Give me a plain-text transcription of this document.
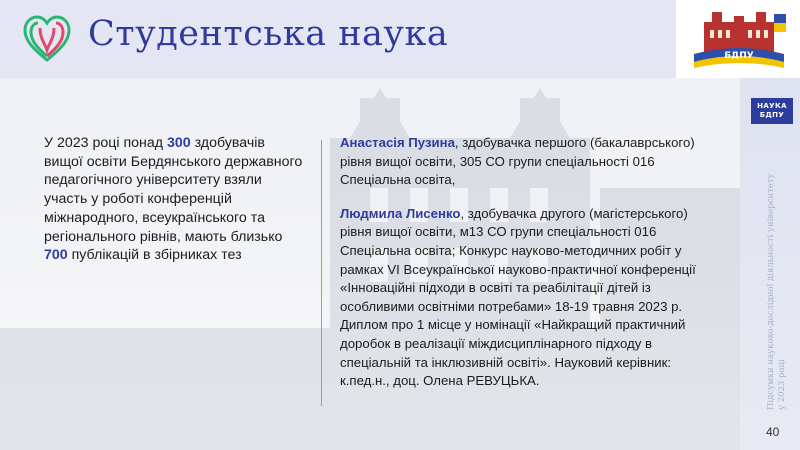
Студентська наука
БДПУ
НАУКА
БДПУ
Підсумки науково-дослідної діяльності університету у 2023 році
40
У 2023 році понад 300 здобувачів вищої освіти Бердянського державного педагогічного університету взяли участь у роботі конференцій міжнародного, всеукраїнського та регіонального рівнів, мають близько 700 публікацій в збірниках тез

Анастасія Пузина, здобувачка першого (бакалаврського) рівня вищої освіти, 305 СО групи спеціальності 016 Спеціальна освіта,

Людмила Лисенко, здобувачка другого (магістерського) рівня вищої освіти, м13 СО групи спеціальності 016 Спеціальна освіта; Конкурс науково-методичних робіт у рамках VI Всеукраїнської науково-практичної конференції «Інноваційні підходи в освіті та реабілітації дітей із особливими освітніми потребами» 18-19 травня 2023 р.

Диплом про 1 місце у номінації «Найкращий практичний доробок в реалізації міждисциплінарного підходу в спеціальній та інклюзивній освіті». Науковий керівник: к.пед.н., доц. Олена РЕВУЦЬКА.
